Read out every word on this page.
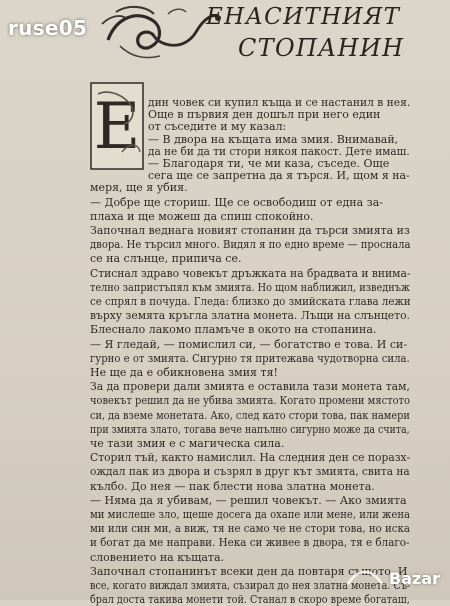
ЕНАСИТНИЯТ
СТОПАНИН
Е дин човек си купил къща и се настанил в нея.
Още в първия ден дошъл при него един
от съседите и му казал:
— В двора на къщата има змия. Внимавай,
да не би да ти стори някоя пакост. Дете имаш.
— Благодаря ти, че ми каза, съседе. Още
сега ще се запретна да я търся. И, щом я на-
меря, ще я убия.
— Добре ще сториш. Ще се освободиш от една за-
плаха и ще можеш да спиш спокойно.
Започнал веднага новият стопанин да търси змията из
двора. Не търсил много. Видял я по едно време — проснала
се на слънце, припича се.
Стиснал здраво човекът дръжката на брадвата и внима-
телно запристъпял към змията. Но щом наближил, изведнъж
се спрял в почуда. Гледа: близко до змийската глава лежи
върху земята кръгла златна монета. Лъщи на слънцето.
Блеснало лакомо пламъче в окото на стопанина.
— Я гледай, — помислил си, — богатство е това. И си-
гурно е от змията. Сигурно тя притежава чудотворна сила.
Не ще да е обикновена змия тя!
За да провери дали змията е оставила тази монета там,
човекът решил да не убива змията. Когато промени мястото
си, да вземе монетата. Ако, след като стори това, пак намери
при змията злато, тогава вече напълно сигурно може да счита,
че тази змия е с магическа сила.
Сторил тъй, както намислил. На следния ден се поразх-
ождал пак из двора и съзрял в друг кът змията, свита на
кълбо. До нея — пак блести нова златна монета.
— Няма да я убивам, — решил човекът. — Ако змията
ми мислеше зло, щеше досега да охапе или мене, или жена
ми или син ми, а виж, тя не само че не стори това, но иска
и богат да ме направи. Нека си живее в двора, тя е благо-
словението на къщата.
Започнал стопанинът всеки ден да повтаря същото. И
все, когато виждал змията, съзирал до нея златна монета. Съ-
брал доста такива монети той. Станал в скоро време богаташ,
ruse05
Bazar
